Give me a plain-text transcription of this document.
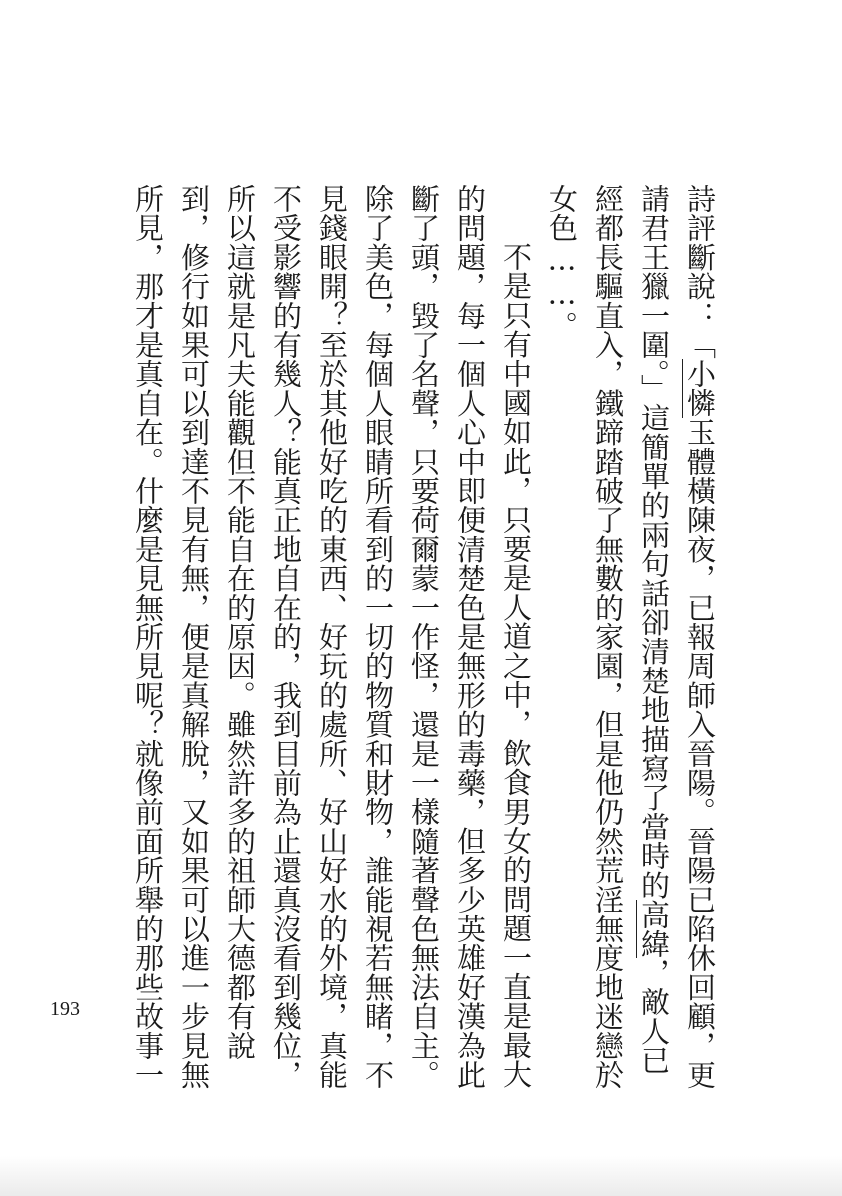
詩評斷說：「小憐玉體橫陳夜，已報周師入晉陽。晉陽已陷休回顧，更
請君王獵一圍。」這簡單的兩句話卻清楚地描寫了當時的高緯，敵人已
經都長驅直入，鐵蹄踏破了無數的家園，但是他仍然荒淫無度地迷戀於
女色……。
不是只有中國如此，只要是人道之中，飲食男女的問題一直是最大
的問題，每一個人心中即便清楚色是無形的毒藥，但多少英雄好漢為此
斷了頭，毀了名聲，只要荷爾蒙一作怪，還是一樣隨著聲色無法自主。
除了美色，每個人眼睛所看到的一切的物質和財物，誰能視若無睹，不
見錢眼開？至於其他好吃的東西、好玩的處所、好山好水的外境，真能
不受影響的有幾人？能真正地自在的，我到目前為止還真沒看到幾位，
所以這就是凡夫能觀但不能自在的原因。雖然許多的祖師大德都有說
到，修行如果可以到達不見有無，便是真解脫，又如果可以進一步見無
所見，那才是真自在。什麼是見無所見呢？就像前面所舉的那些故事一
193
